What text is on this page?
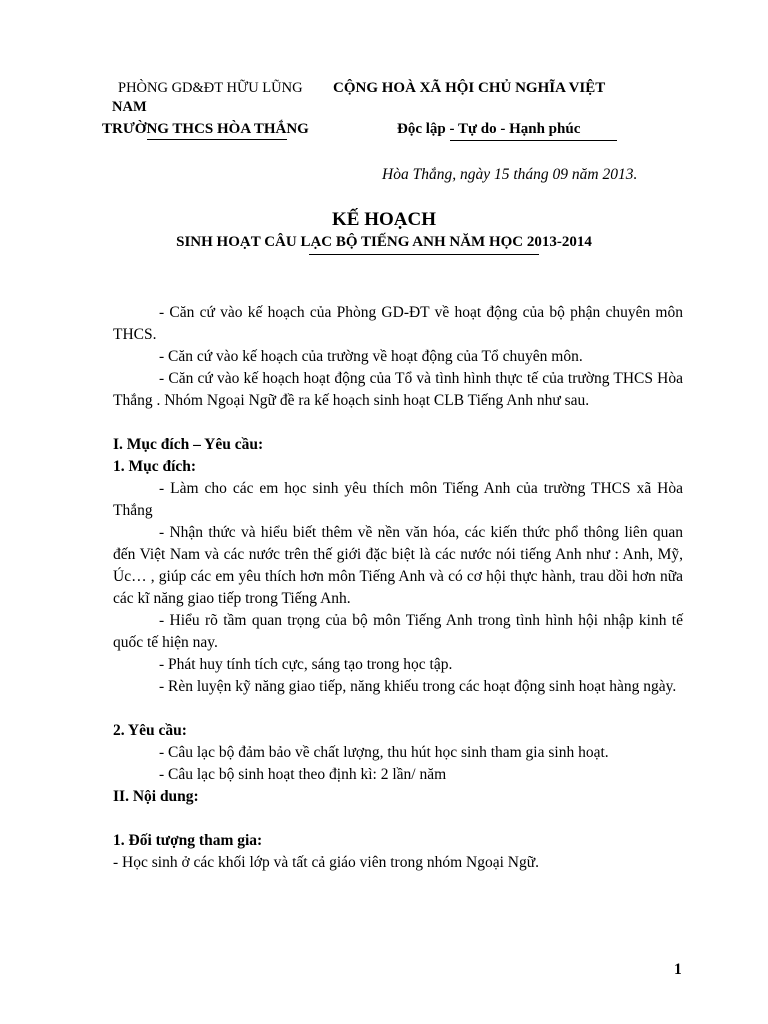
PHÒNG GD&ĐT HỮU LŨNG CỘNG HOÀ XÃ HỘI CHỦ NGHĨA VIỆT
NAM
TRƯỜNG THCS HÒA THẮNG	Độc lập - Tự do - Hạnh phúc
Hòa Thắng, ngày 15 tháng 09 năm 2013.
KẾ HOẠCH
SINH HOẠT CÂU LẠC BỘ TIẾNG ANH NĂM HỌC 2013-2014

- Căn cứ vào kế hoạch của Phòng GD-ĐT về hoạt động của bộ phận chuyên môn THCS.

- Căn cứ vào kế hoạch của trường về hoạt động của Tổ chuyên môn.

- Căn cứ vào kế hoạch hoạt động của Tổ và tình hình thực tế của trường THCS Hòa Thắng . Nhóm Ngoại Ngữ đề ra kế hoạch sinh hoạt CLB Tiếng Anh như sau.

I. Mục đích – Yêu cầu:

1. Mục đích:

- Làm cho các em học sinh yêu thích môn Tiếng Anh của trường THCS xã Hòa Thắng

- Nhận thức và hiểu biết thêm về nền văn hóa, các kiến thức phổ thông liên quan đến Việt Nam và các nước trên thế giới đặc biệt là các nước nói tiếng Anh như : Anh, Mỹ, Úc… , giúp các em yêu thích hơn môn Tiếng Anh và có cơ hội thực hành, trau dồi hơn nữa các kĩ năng giao tiếp trong Tiếng Anh.

- Hiểu rõ tầm quan trọng của bộ môn Tiếng Anh trong tình hình hội nhập kinh tế quốc tế hiện nay.

- Phát huy tính tích cực, sáng tạo trong học tập.

- Rèn luyện kỹ năng giao tiếp, năng khiếu trong các hoạt động sinh hoạt hàng ngày.

2. Yêu cầu:

- Câu lạc bộ đảm bảo về chất lượng, thu hút học sinh tham gia sinh hoạt.

- Câu lạc bộ sinh hoạt theo định kì: 2 lần/ năm

II. Nội dung:

1. Đối tượng tham gia:

- Học sinh ở các khối lớp và tất cả giáo viên trong nhóm Ngoại Ngữ.

1
